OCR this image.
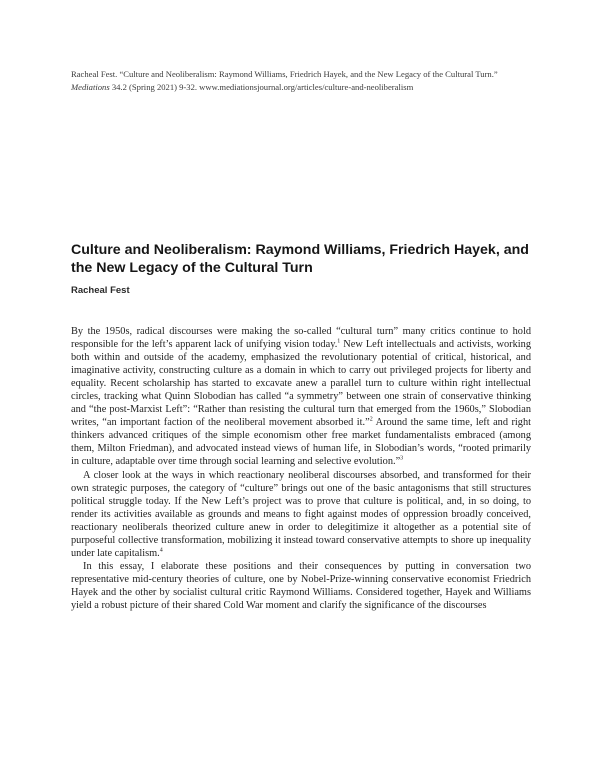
Racheal Fest. “Culture and Neoliberalism: Raymond Williams, Friedrich Hayek, and the New Legacy of the Cultural Turn.” Mediations 34.2 (Spring 2021) 9-32. www.mediationsjournal.org/articles/culture-and-neoliberalism
Culture and Neoliberalism: Raymond Williams, Friedrich Hayek, and the New Legacy of the Cultural Turn

Racheal Fest

By the 1950s, radical discourses were making the so-called “cultural turn” many critics continue to hold responsible for the left’s apparent lack of unifying vision today.$^1$ New Left intellectuals and activists, working both within and outside of the academy, emphasized the revolutionary potential of critical, historical, and imaginative activity, constructing culture as a domain in which to carry out privileged projects for liberty and equality. Recent scholarship has started to excavate anew a parallel turn to culture within right intellectual circles, tracking what Quinn Slobodian has called “a symmetry” between one strain of conservative thinking and “the post-Marxist Left”: “Rather than resisting the cultural turn that emerged from the 1960s,” Slobodian writes, “an important faction of the neoliberal movement absorbed it.”$^2$ Around the same time, left and right thinkers advanced critiques of the simple economism other free market fundamentalists embraced (among them, Milton Friedman), and advocated instead views of human life, in Slobodian’s words, “rooted primarily in culture, adaptable over time through social learning and selective evolution.”$^3$

A closer look at the ways in which reactionary neoliberal discourses absorbed, and transformed for their own strategic purposes, the category of “culture” brings out one of the basic antagonisms that still structures political struggle today. If the New Left’s project was to prove that culture is political, and, in so doing, to render its activities available as grounds and means to fight against modes of oppression broadly conceived, reactionary neoliberals theorized culture anew in order to delegitimize it altogether as a potential site of purposeful collective transformation, mobilizing it instead toward conservative attempts to shore up inequality under late capitalism.$^4$

In this essay, I elaborate these positions and their consequences by putting in conversation two representative mid-century theories of culture, one by Nobel-Prize-winning conservative economist Friedrich Hayek and the other by socialist cultural critic Raymond Williams. Considered together, Hayek and Williams yield a robust picture of their shared Cold War moment and clarify the significance of the discourses
